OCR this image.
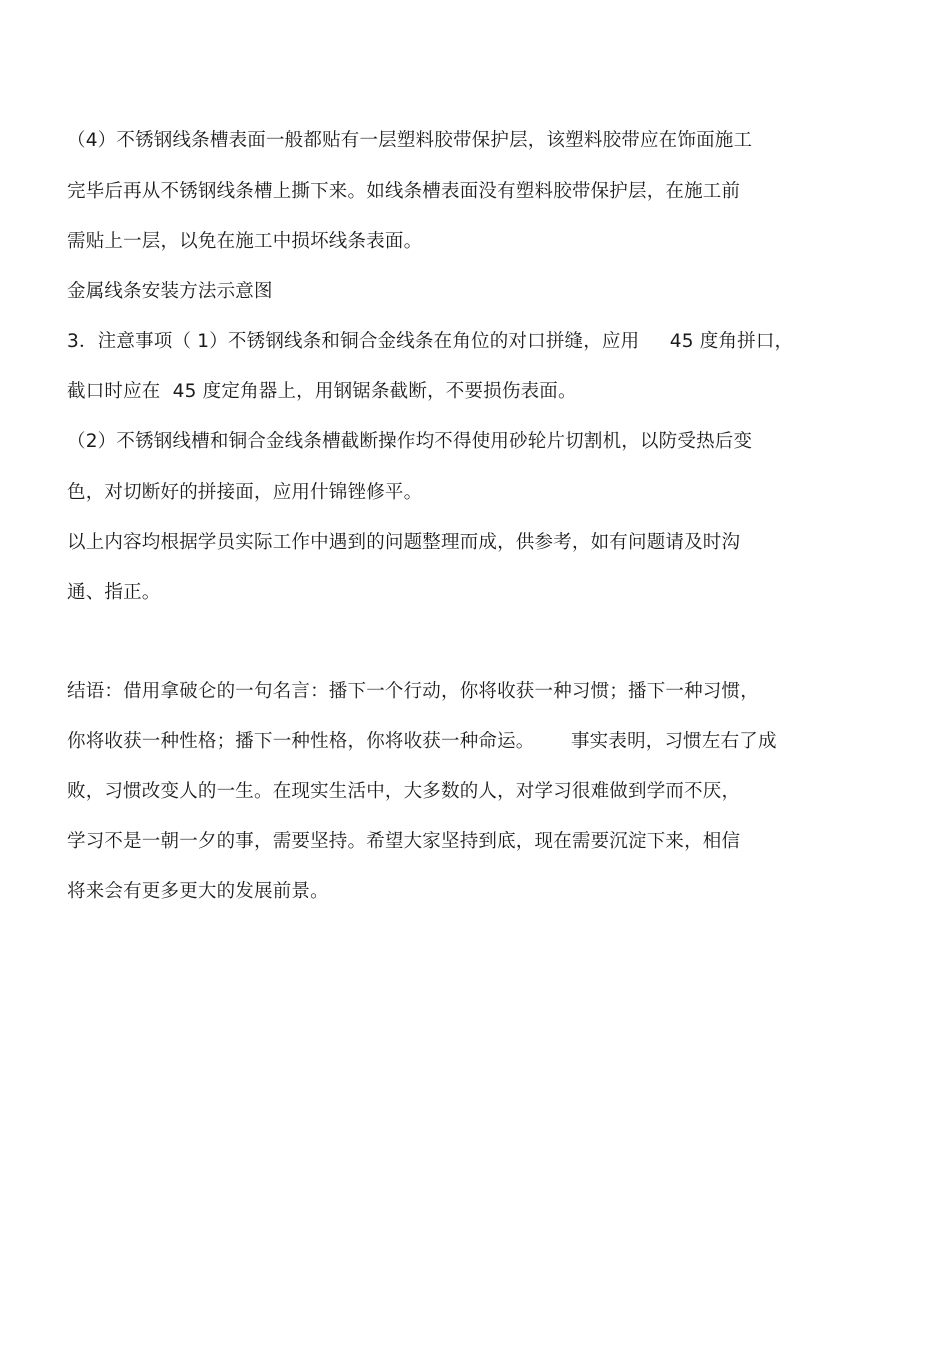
（4）不锈钢线条槽表面一般都贴有一层塑料胶带保护层，该塑料胶带应在饰面施工
完毕后再从不锈钢线条槽上撕下来。如线条槽表面没有塑料胶带保护层，在施工前
需贴上一层，以免在施工中损坏线条表面。
金属线条安装方法示意图
3．注意事项（ 1）不锈钢线条和铜合金线条在角位的对口拼缝，应用     45 度角拼口，
截口时应在  45 度定角器上，用钢锯条截断，不要损伤表面。
（2）不锈钢线槽和铜合金线条槽截断操作均不得使用砂轮片切割机，以防受热后变
色，对切断好的拼接面，应用什锦锉修平。
以上内容均根据学员实际工作中遇到的问题整理而成，供参考，如有问题请及时沟
通、指正。
结语：借用拿破仑的一句名言：播下一个行动，你将收获一种习惯；播下一种习惯，
你将收获一种性格；播下一种性格，你将收获一种命运。      事实表明，习惯左右了成
败，习惯改变人的一生。在现实生活中，大多数的人，对学习很难做到学而不厌，
学习不是一朝一夕的事，需要坚持。希望大家坚持到底，现在需要沉淀下来，相信
将来会有更多更大的发展前景。
